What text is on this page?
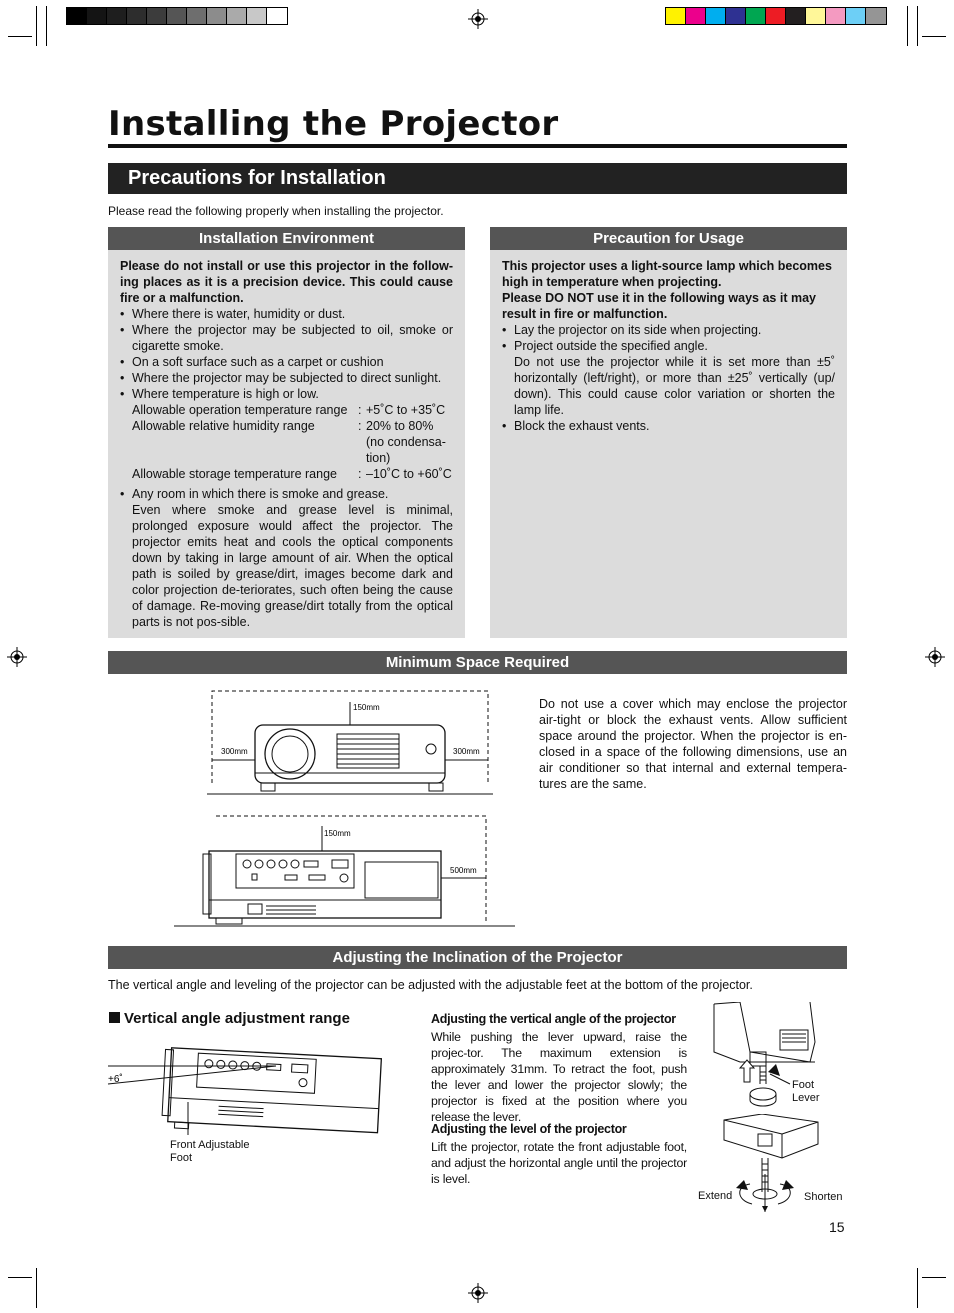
Installing the Projector
Precautions for Installation
Please read the following properly when installing the projector.
Installation Environment
Please do not install or use this projector in the follow-ing places as it is a precision device. This could cause fire or a malfunction.
• Where there is water, humidity or dust.
• Where the projector may be subjected to oil, smoke or cigarette smoke.
• On a soft surface such as a carpet or cushion
• Where the projector may be subjected to direct sunlight.
• Where temperature is high or low.
Allowable operation temperature range : +5˚C to +35˚C
Allowable relative humidity range	: 20% to 80% (no condensa-tion)
Allowable storage temperature range	: –10˚C to +60˚C
• Any room in which there is smoke and grease.
Even where smoke and grease level is minimal, prolonged exposure would affect the projector. The projector emits heat and cools the optical components down by taking in large amount of air. When the optical path is soiled by grease/dirt, images become dark and color projection de-teriorates, such often being the cause of damage. Re-moving grease/dirt totally from the optical parts is not pos-sible.
Precaution for Usage
This projector uses a light-source lamp which becomes high in temperature when projecting.
Please DO NOT use it in the following ways as it may result in fire or malfunction.
• Lay the projector on its side when projecting.
• Project outside the specified angle.
Do not use the projector while it is set more than ±5˚ horizontally (left/right), or more than ±25˚ vertically (up/ down). This could cause color variation or shorten the lamp life.
• Block the exhaust vents.
Minimum Space Required
150mm
300mm	300mm
150mm
500mm
Do not use a cover which may enclose the projector air-tight or block the exhaust vents. Allow sufficient space around the projector. When the projector is en-closed in a space of the following dimensions, use an air conditioner so that internal and external tempera-tures are the same.
Adjusting the Inclination of the Projector
The vertical angle and leveling of the projector can be adjusted with the adjustable feet at the bottom of the projector.
Vertical angle adjustment range
+6˚
Front Adjustable
Foot
Adjusting the vertical angle of the projector

While pushing the lever upward, raise the projec-tor. The maximum extension is approximately 31mm. To retract the foot, push the lever and lower the projector slowly; the projector is fixed at the position where you release the lever.

Adjusting the level of the projector

Lift the projector, rotate the front adjustable foot, and adjust the horizontal angle until the projector is level.

Foot
Lever
Extend	Shorten
15
